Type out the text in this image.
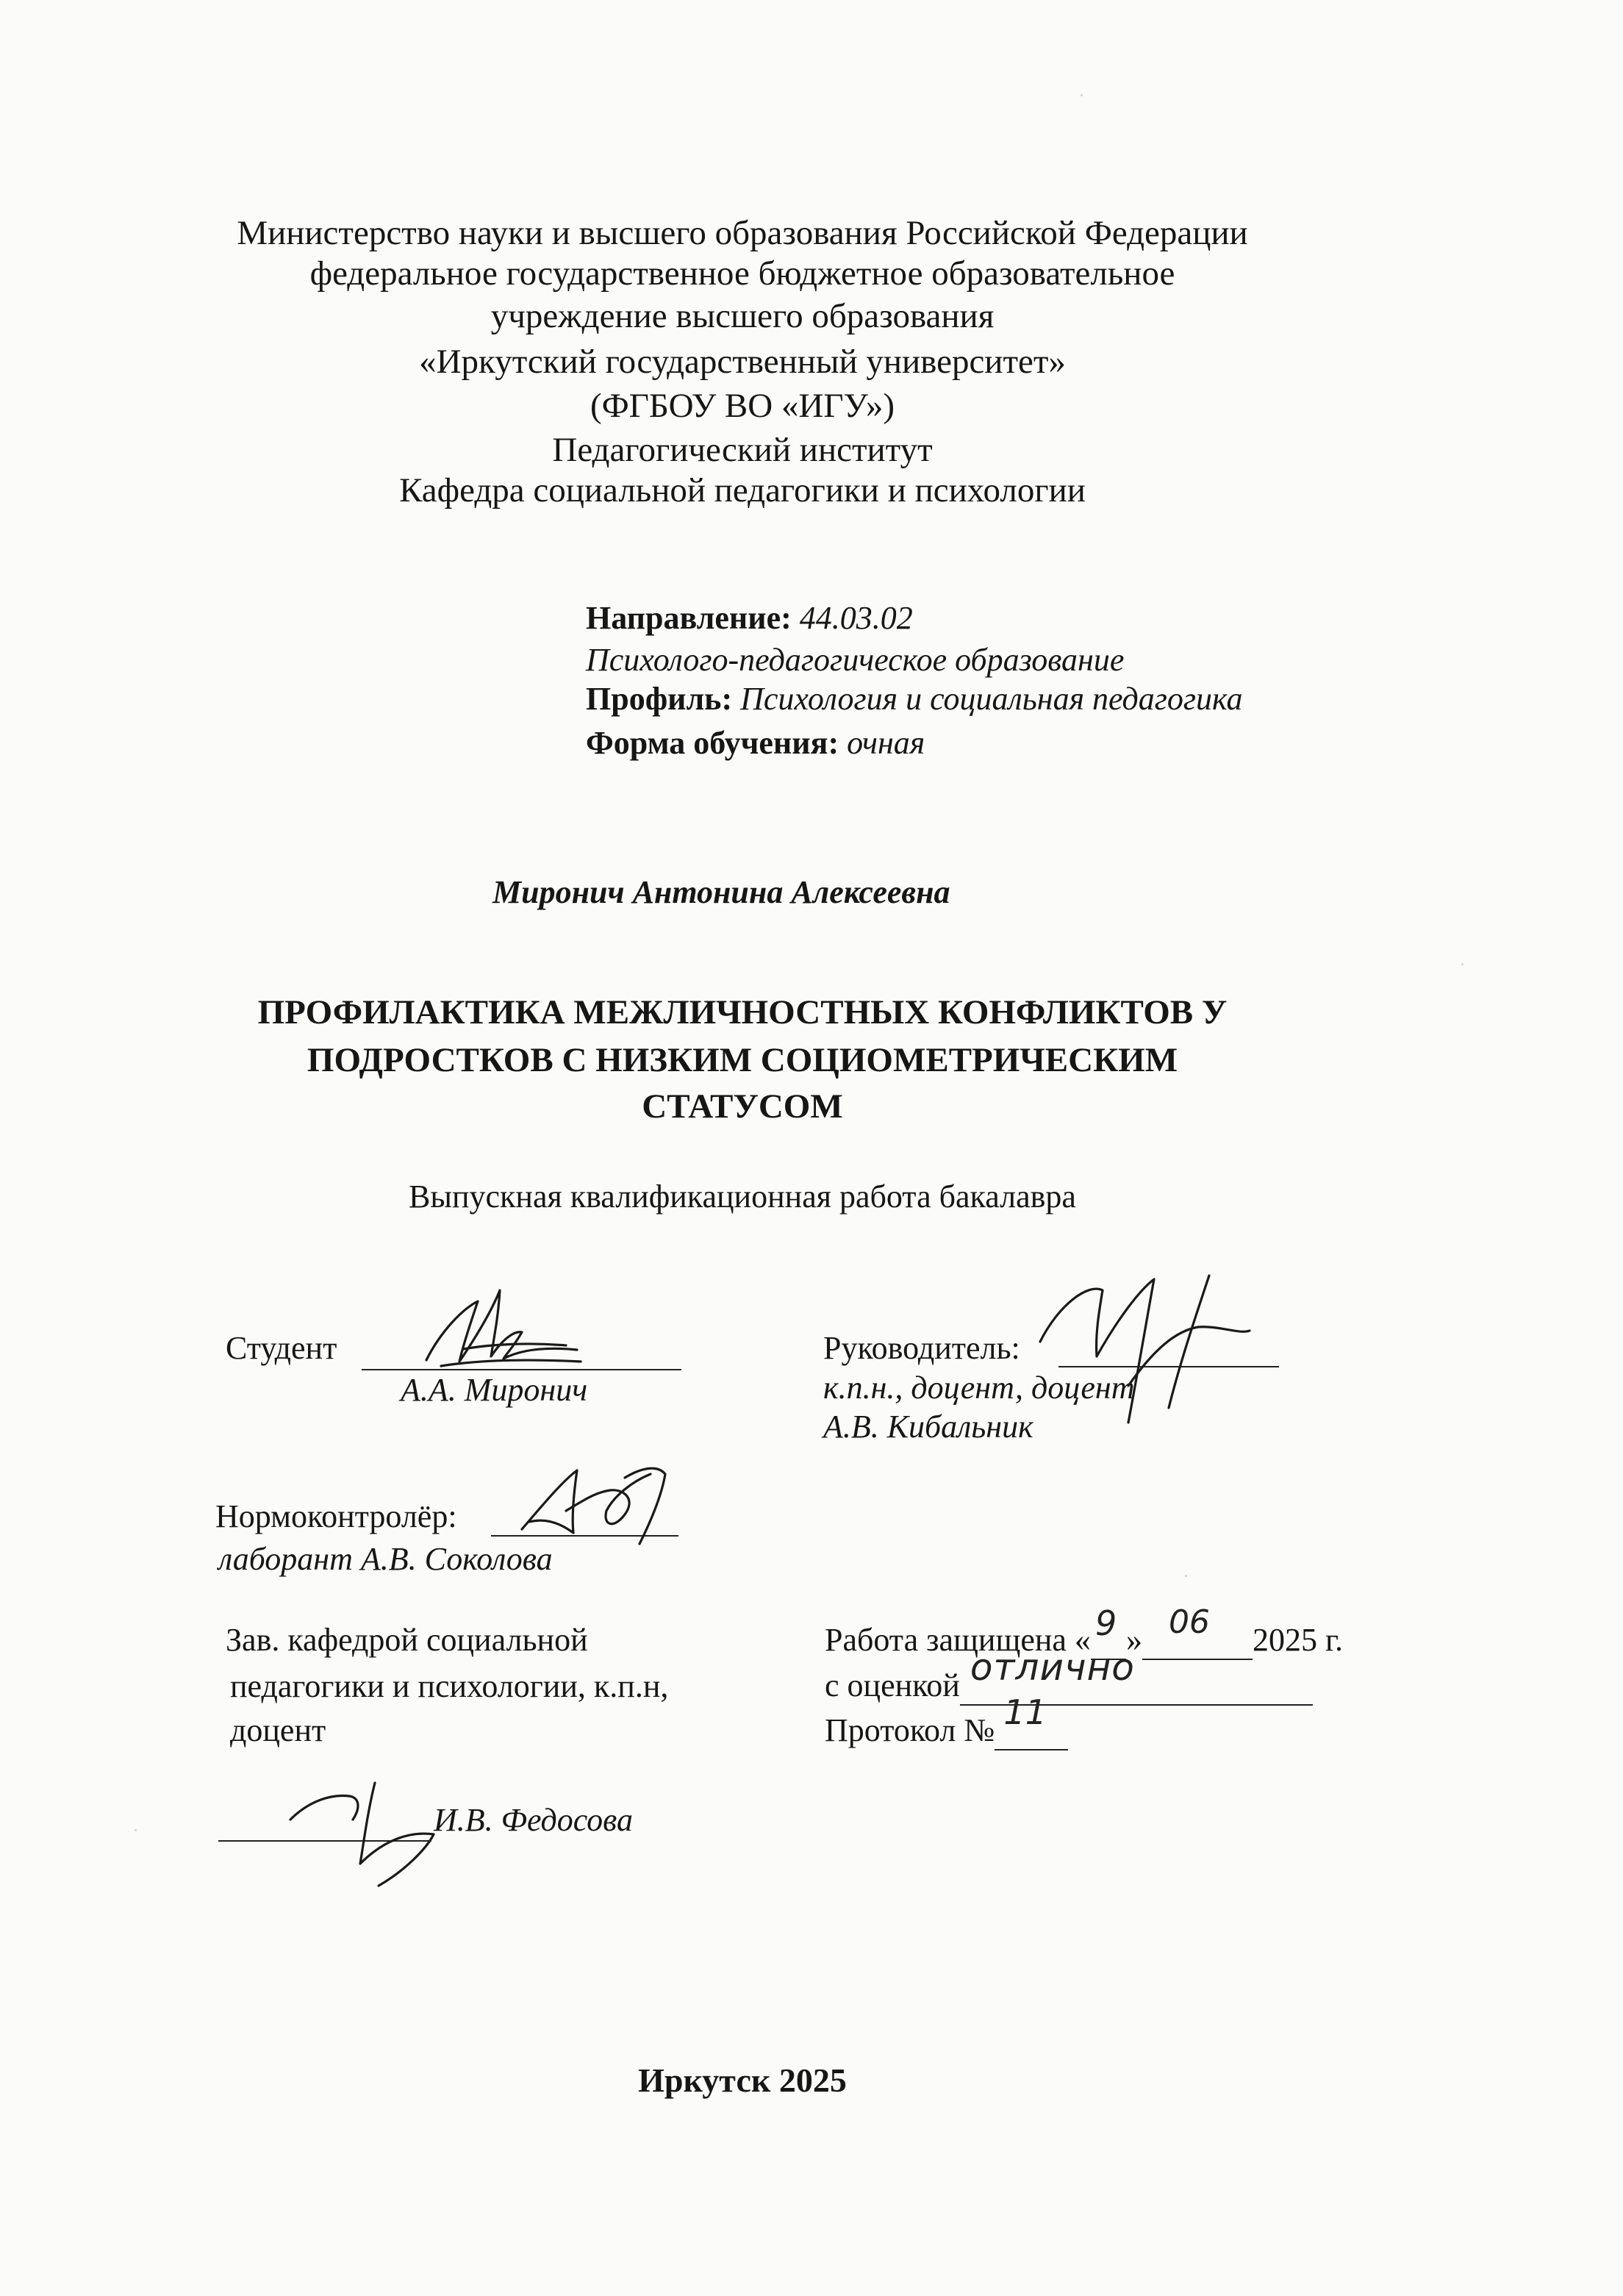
Министерство науки и высшего образования Российской Федерации
федеральное государственное бюджетное образовательное
учреждение высшего образования
«Иркутский государственный университет»
(ФГБОУ ВО «ИГУ»)
Педагогический институт
Кафедра социальной педагогики и психологии
Направление: 44.03.02
Психолого-педагогическое образование
Профиль: Психология и социальная педагогика
Форма обучения: очная
Миронич Антонина Алексеевна
ПРОФИЛАКТИКА МЕЖЛИЧНОСТНЫХ КОНФЛИКТОВ У
ПОДРОСТКОВ С НИЗКИМ СОЦИОМЕТРИЧЕСКИМ
СТАТУСОМ
Выпускная квалификационная работа бакалавра
Студент
А.А. Миронич
Руководитель:
к.п.н., доцент, доцент
А.В. Кибальник
Нормоконтролёр:
лаборант А.В. Соколова
Зав. кафедрой социальной
педагогики и психологии, к.п.н,
доцент
И.В. Федосова
Работа защищена « 9 » 06 2025 г.
с оценкой отлично

Протокол № 11

Иркутск 2025
